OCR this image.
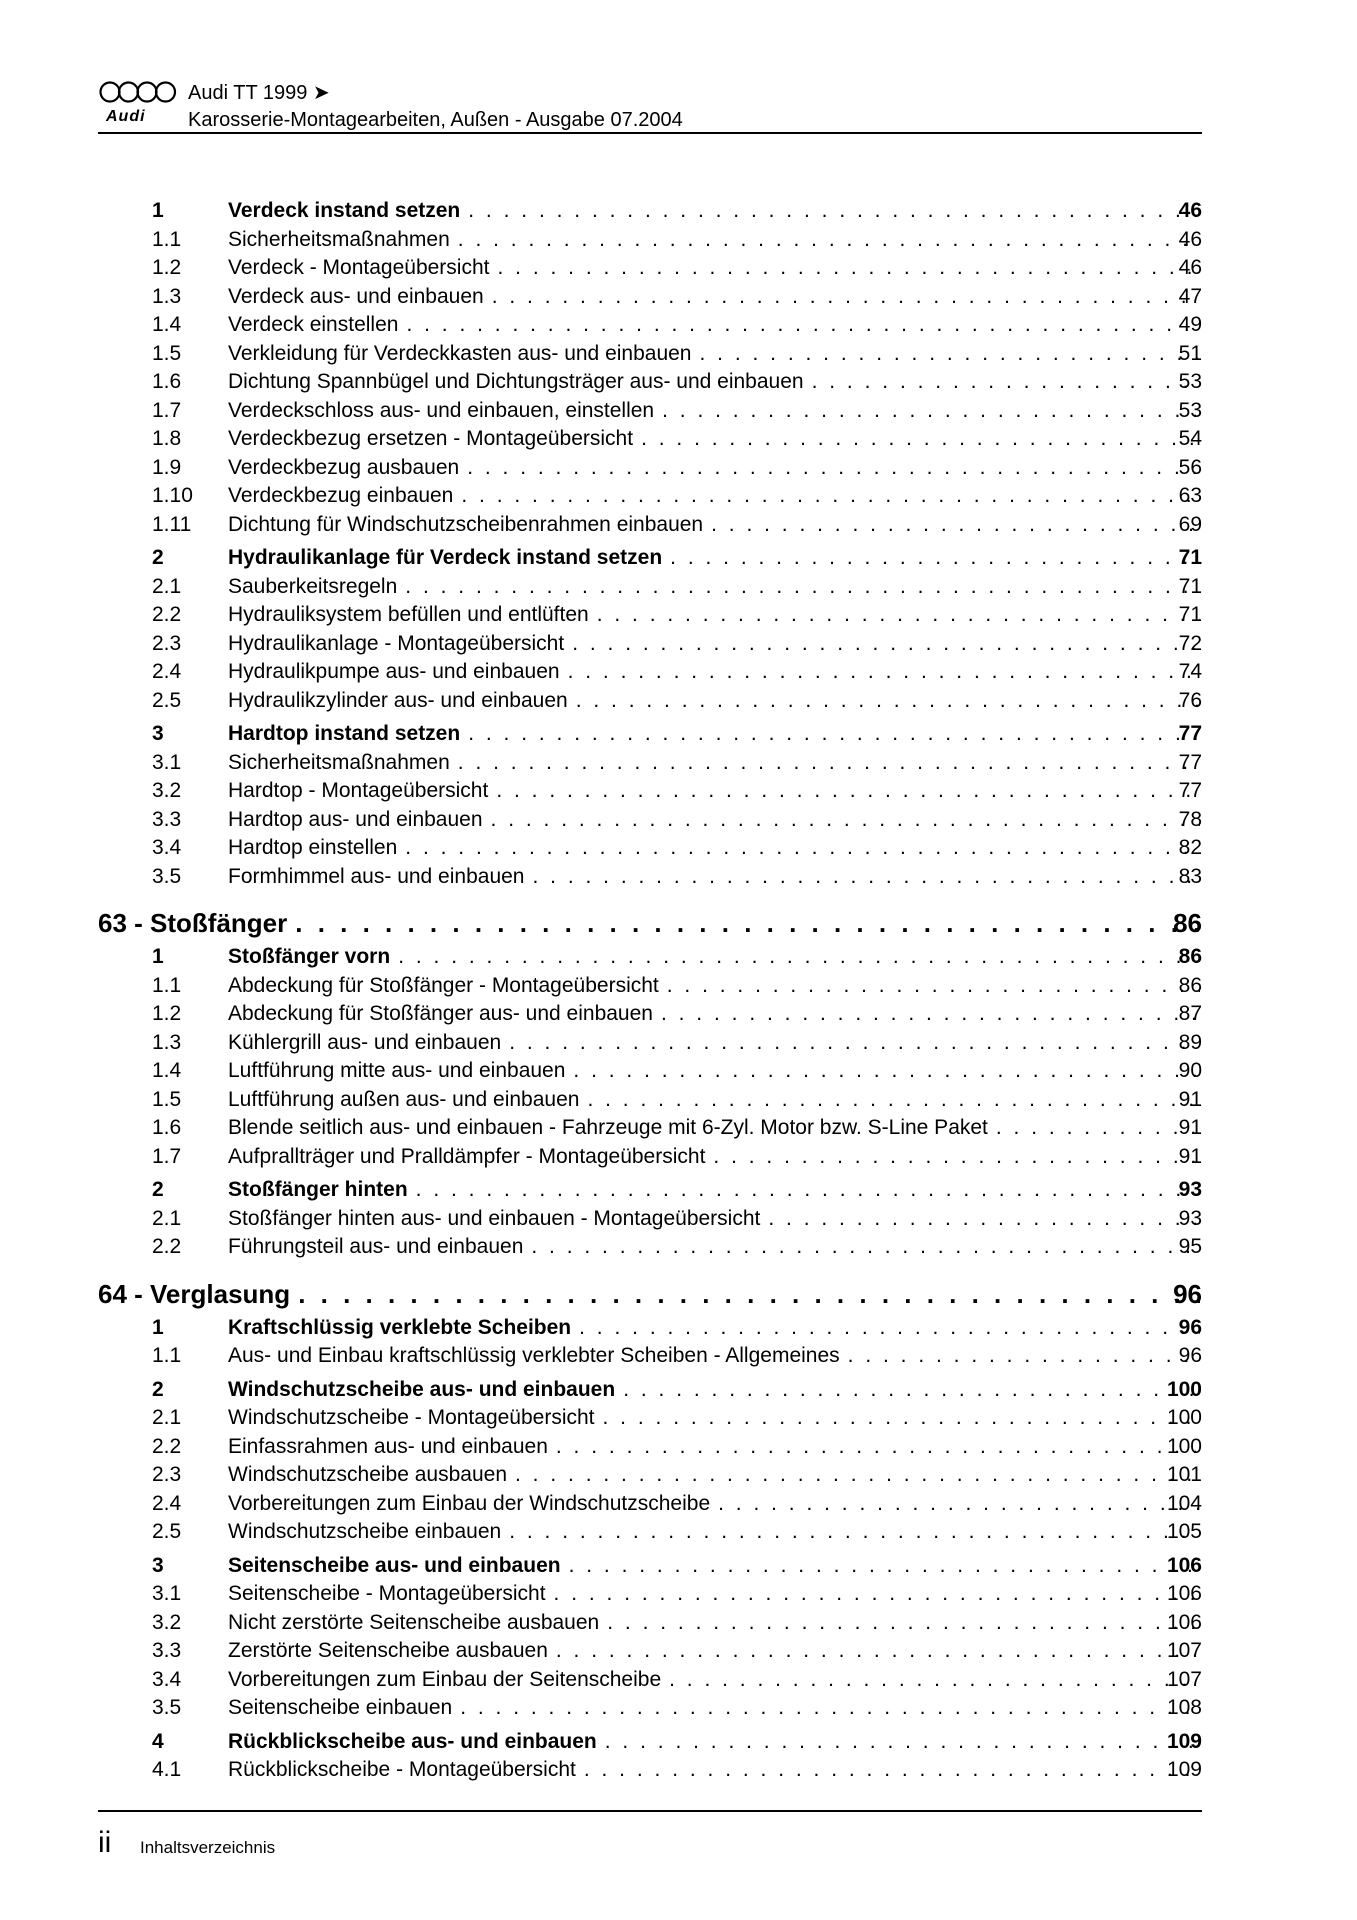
Audi
Audi TT 1999 ➤
Karosserie-Montagearbeiten, Außen - Ausgabe 07.2004
1	Verdeck instand setzen . . .	46
1.1 Sicherheitsmaßnahmen . . .	46
1.2 Verdeck - Montageübersicht . . .	46
1.3 Verdeck aus- und einbauen . . .	47
1.4 Verdeck einstellen . . .	49
1.5 Verkleidung für Verdeckkasten aus- und einbauen . . .	51
1.6 Dichtung Spannbügel und Dichtungsträger aus- und einbauen . . .	53
1.7 Verdeckschloss aus- und einbauen, einstellen . . .	53
1.8 Verdeckbezug ersetzen - Montageübersicht . . .	54
1.9 Verdeckbezug ausbauen . . .	56
1.10 Verdeckbezug einbauen . . .	63
1.11 Dichtung für Windschutzscheibenrahmen einbauen . . .	69
2	Hydraulikanlage für Verdeck instand setzen . . .	71
2.1 Sauberkeitsregeln . . .	71
2.2 Hydrauliksystem befüllen und entlüften . . .	71
2.3 Hydraulikanlage - Montageübersicht . . .	72
2.4 Hydraulikpumpe aus- und einbauen . . .	74
2.5 Hydraulikzylinder aus- und einbauen . . .	76
3	Hardtop instand setzen . . .	77
3.1 Sicherheitsmaßnahmen . . .	77
3.2 Hardtop - Montageübersicht . . .	77
3.3 Hardtop aus- und einbauen . . .	78
3.4 Hardtop einstellen . . .	82
3.5 Formhimmel aus- und einbauen . . .	83
63 - Stoßfänger . . .	86
1	Stoßfänger vorn . . .	86
1.1 Abdeckung für Stoßfänger - Montageübersicht . . .	86
1.2 Abdeckung für Stoßfänger aus- und einbauen . . .	87
1.3 Kühlergrill aus- und einbauen . . .	89
1.4 Luftführung mitte aus- und einbauen . . .	90
1.5 Luftführung außen aus- und einbauen . . .	91
1.6 Blende seitlich aus- und einbauen - Fahrzeuge mit 6-Zyl. Motor bzw. S-Line Paket . . .	91
1.7 Aufprallträger und Pralldämpfer - Montageübersicht . . .	91
2	Stoßfänger hinten . . .	93
2.1 Stoßfänger hinten aus- und einbauen - Montageübersicht . . .	93
2.2 Führungsteil aus- und einbauen . . .	95
64 - Verglasung . . .	96
1	Kraftschlüssig verklebte Scheiben . . .	96
1.1 Aus- und Einbau kraftschlüssig verklebter Scheiben - Allgemeines . . .	96
2	Windschutzscheibe aus- und einbauen . . .	100
2.1 Windschutzscheibe - Montageübersicht . . .	100
2.2 Einfassrahmen aus- und einbauen . . .	100
2.3 Windschutzscheibe ausbauen . . .	101
2.4 Vorbereitungen zum Einbau der Windschutzscheibe . . .	104
2.5 Windschutzscheibe einbauen . . .	105
3	Seitenscheibe aus- und einbauen . . .	106
3.1 Seitenscheibe - Montageübersicht . . .	106
3.2 Nicht zerstörte Seitenscheibe ausbauen . . .	106
3.3 Zerstörte Seitenscheibe ausbauen . . .	107
3.4 Vorbereitungen zum Einbau der Seitenscheibe . . .	107
3.5 Seitenscheibe einbauen . . .	108
4	Rückblickscheibe aus- und einbauen . . .	109
4.1 Rückblickscheibe - Montageübersicht . . .	109
ii Inhaltsverzeichnis
